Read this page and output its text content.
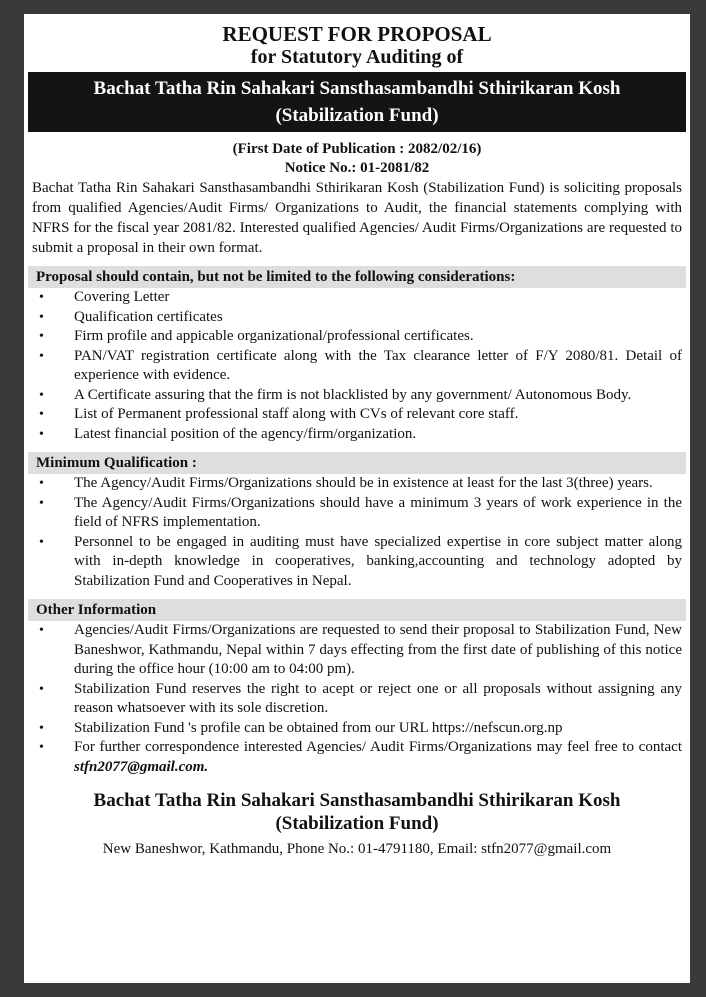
REQUEST FOR PROPOSAL
for Statutory Auditing of
Bachat Tatha Rin Sahakari Sansthasambandhi Sthirikaran Kosh
(Stabilization Fund)
(First Date of Publication : 2082/02/16)
Notice No.: 01-2081/82
Bachat Tatha Rin Sahakari Sansthasambandhi Sthirikaran Kosh (Stabilization Fund) is soliciting proposals from qualified Agencies/Audit Firms/ Organizations to Audit, the financial statements complying with NFRS for the fiscal year 2081/82. Interested qualified Agencies/ Audit Firms/Organizations are requested to submit a proposal in their own format.
Proposal should contain, but not be limited to the following considerations:
• Covering Letter
• Qualification certificates
• Firm profile and appicable organizational/professional certificates.
• PAN/VAT registration certificate along with the Tax clearance letter of F/Y 2080/81. Detail of experience with evidence.
• A Certificate assuring that the firm is not blacklisted by any government/ Autonomous Body.
• List of Permanent professional staff along with CVs of relevant core staff.
• Latest financial position of the agency/firm/organization.
Minimum Qualification :
• The Agency/Audit Firms/Organizations should be in existence at least for the last 3(three) years.
• The Agency/Audit Firms/Organizations should have a minimum 3 years of work experience in the field of NFRS implementation.
• Personnel to be engaged in auditing must have specialized expertise in core subject matter along with in-depth knowledge in cooperatives, banking,accounting and technology adopted by Stabilization Fund and Cooperatives in Nepal.
Other Information
• Agencies/Audit Firms/Organizations are requested to send their proposal to Stabilization Fund, New Baneshwor, Kathmandu, Nepal within 7 days effecting from the first date of publishing of this notice during the office hour (10:00 am to 04:00 pm).
• Stabilization Fund reserves the right to acept or reject one or all proposals without assigning any reason whatsoever with its sole discretion.
• Stabilization Fund 's profile can be obtained from our URL https://nefscun.org.np
• For further correspondence interested Agencies/ Audit Firms/Organizations may feel free to contact stfn2077@gmail.com.
Bachat Tatha Rin Sahakari Sansthasambandhi Sthirikaran Kosh
(Stabilization Fund)
New Baneshwor, Kathmandu, Phone No.: 01-4791180, Email: stfn2077@gmail.com
